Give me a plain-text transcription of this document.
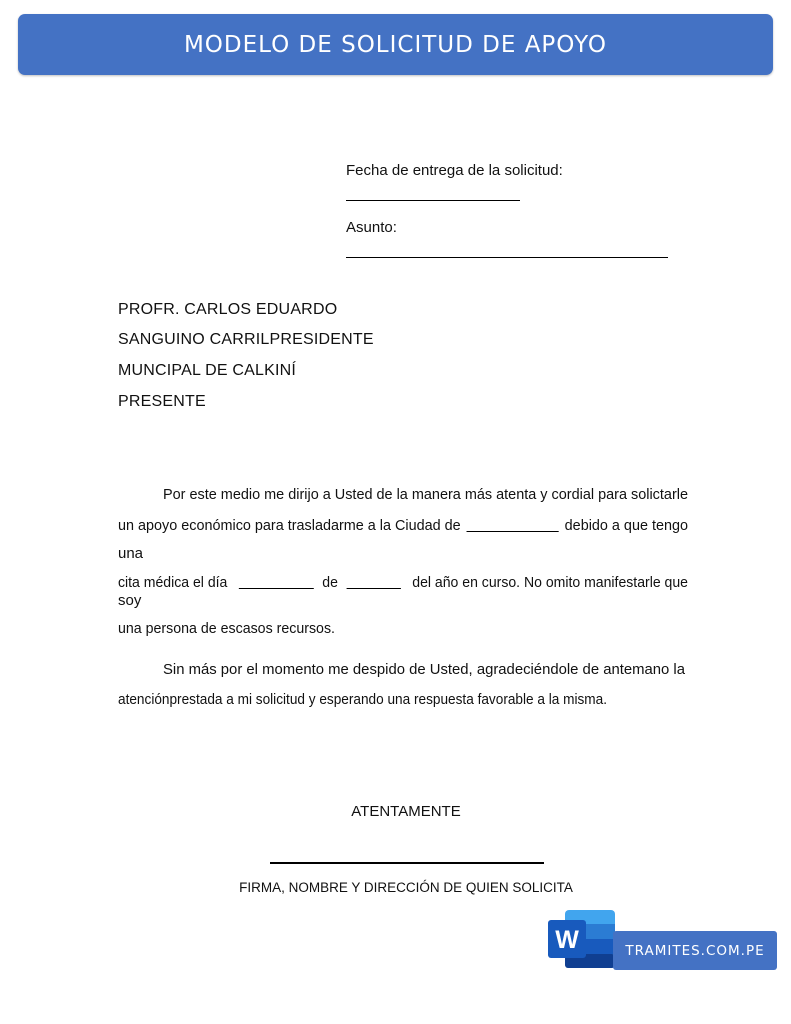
MODELO DE SOLICITUD DE APOYO
Fecha de entrega de la solicitud:
Asunto:
PROFR. CARLOS EDUARDO
SANGUINO CARRILPRESIDENTE
MUNCIPAL DE CALKINÍ
PRESENTE
Por este medio me dirijo a Usted de la manera más atenta y cordial para solictarle
un apoyo económico para trasladarme a la Ciudad de	debido a que tengo
una
cita médica el día	de	del año en curso. No omito manifestarle que
soy
una persona de escasos recursos.
Sin más por el momento me despido de Usted, agradeciéndole de antemano la
atenciónprestada a mi solicitud y esperando una respuesta favorable a la misma.
ATENTAMENTE
FIRMA, NOMBRE Y DIRECCIÓN DE QUIEN SOLICITA
W	TRAMITES.COM.PE
